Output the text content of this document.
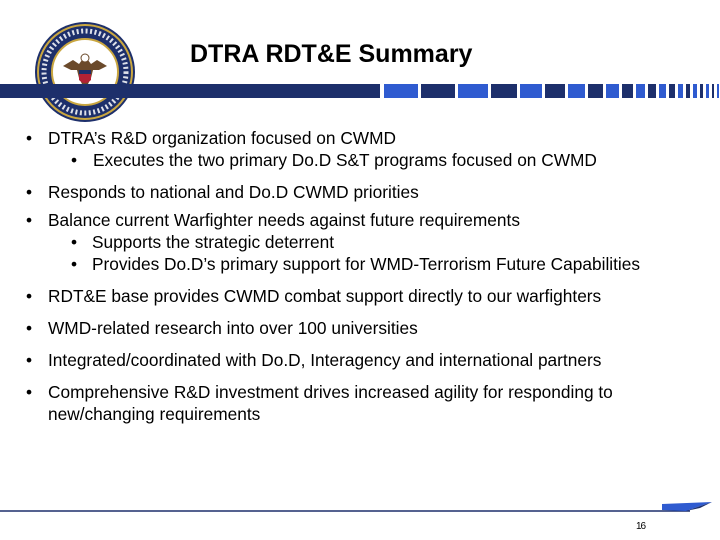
DTRA RDT&E Summary

• DTRA’s R&D organization focused on CWMD

• Executes the two primary Do.D S&T programs focused on CWMD

• Responds to national and Do.D CWMD priorities

• Balance current Warfighter needs against future requirements

• Supports the strategic deterrent

• Provides Do.D’s primary support for WMD-Terrorism Future Capabilities

• RDT&E base provides CWMD combat support directly to our warfighters

• WMD-related research into over 100 universities

• Integrated/coordinated with Do.D, Interagency and international partners

• Comprehensive R&D investment drives increased agility for responding to new/changing requirements

16
